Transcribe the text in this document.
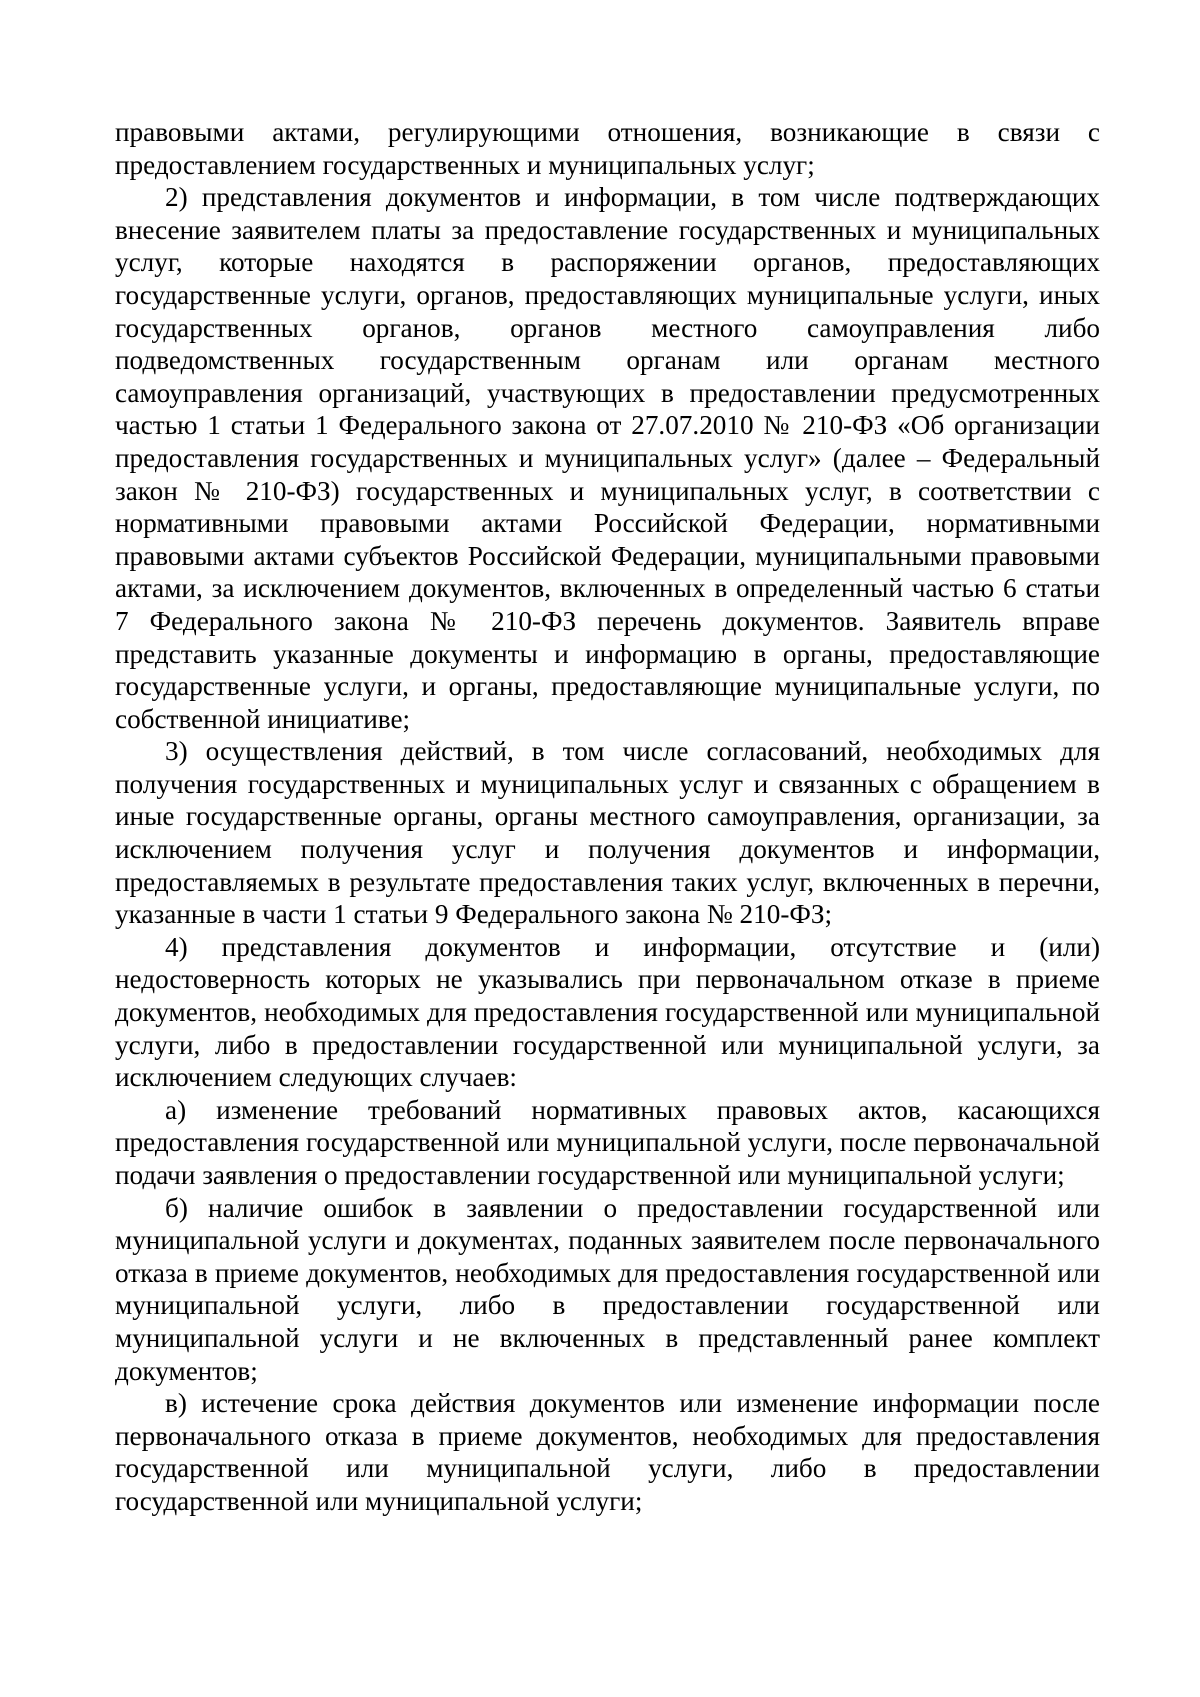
правовыми актами, регулирующими отношения, возникающие в связи с предоставлением государственных и муниципальных услуг;

2) представления документов и информации, в том числе подтверждающих внесение заявителем платы за предоставление государственных и муниципальных услуг, которые находятся в распоряжении органов, предоставляющих государственные услуги, органов, предоставляющих муниципальные услуги, иных государственных органов, органов местного самоуправления либо подведомственных государственным органам или органам местного самоуправления организаций, участвующих в предоставлении предусмотренных частью 1 статьи 1 Федерального закона от 27.07.2010 № 210-ФЗ «Об организации предоставления государственных и муниципальных услуг» (далее – Федеральный закон № 210-ФЗ) государственных и муниципальных услуг, в соответствии с нормативными правовыми актами Российской Федерации, нормативными правовыми актами субъектов Российской Федерации, муниципальными правовыми актами, за исключением документов, включенных в определенный частью 6 статьи 7 Федерального закона № 210-ФЗ перечень документов. Заявитель вправе представить указанные документы и информацию в органы, предоставляющие государственные услуги, и органы, предоставляющие муниципальные услуги, по собственной инициативе;

3) осуществления действий, в том числе согласований, необходимых для получения государственных и муниципальных услуг и связанных с обращением в иные государственные органы, органы местного самоуправления, организации, за исключением получения услуг и получения документов и информации, предоставляемых в результате предоставления таких услуг, включенных в перечни, указанные в части 1 статьи 9 Федерального закона № 210-ФЗ;

4) представления документов и информации, отсутствие и (или) недостоверность которых не указывались при первоначальном отказе в приеме документов, необходимых для предоставления государственной или муниципальной услуги, либо в предоставлении государственной или муниципальной услуги, за исключением следующих случаев:

а) изменение требований нормативных правовых актов, касающихся предоставления государственной или муниципальной услуги, после первоначальной подачи заявления о предоставлении государственной или муниципальной услуги;

б) наличие ошибок в заявлении о предоставлении государственной или муниципальной услуги и документах, поданных заявителем после первоначального отказа в приеме документов, необходимых для предоставления государственной или муниципальной услуги, либо в предоставлении государственной или муниципальной услуги и не включенных в представленный ранее комплект документов;

в) истечение срока действия документов или изменение информации после первоначального отказа в приеме документов, необходимых для предоставления государственной или муниципальной услуги, либо в предоставлении государственной или муниципальной услуги;
